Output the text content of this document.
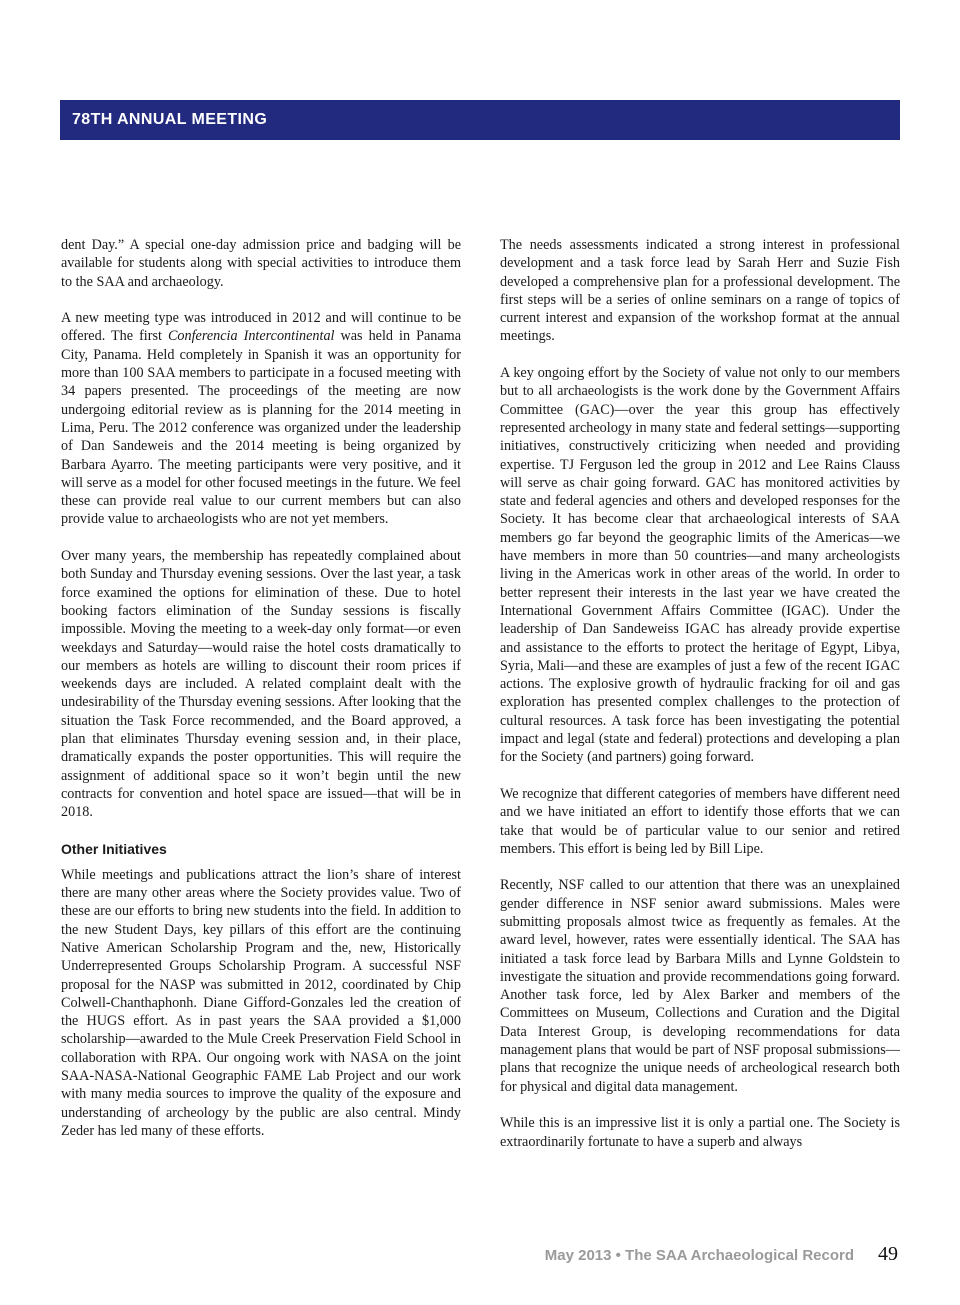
78TH ANNUAL MEETING

dent Day.” A special one-day admission price and badging will be available for students along with special activities to introduce them to the SAA and archaeology.

A new meeting type was introduced in 2012 and will continue to be offered. The first Conferencia Intercontinental was held in Panama City, Panama. Held completely in Spanish it was an opportunity for more than 100 SAA members to participate in a focused meeting with 34 papers presented. The proceedings of the meeting are now undergoing editorial review as is planning for the 2014 meeting in Lima, Peru. The 2012 conference was organized under the leadership of Dan Sandeweis and the 2014 meeting is being organized by Barbara Ayarro. The meeting participants were very positive, and it will serve as a model for other focused meetings in the future. We feel these can provide real value to our current members but can also provide value to archaeologists who are not yet members.

Over many years, the membership has repeatedly complained about both Sunday and Thursday evening sessions. Over the last year, a task force examined the options for elimination of these. Due to hotel booking factors elimination of the Sunday sessions is fiscally impossible. Moving the meeting to a week-day only format—or even weekdays and Saturday—would raise the hotel costs dramatically to our members as hotels are willing to discount their room prices if weekends days are included. A related complaint dealt with the undesirability of the Thursday evening sessions. After looking that the situation the Task Force recommended, and the Board approved, a plan that eliminates Thursday evening session and, in their place, dramatically expands the poster opportunities. This will require the assignment of additional space so it won’t begin until the new contracts for convention and hotel space are issued—that will be in 2018.

Other Initiatives

While meetings and publications attract the lion’s share of interest there are many other areas where the Society provides value. Two of these are our efforts to bring new students into the field. In addition to the new Student Days, key pillars of this effort are the continuing Native American Scholarship Program and the, new, Historically Underrepresented Groups Scholarship Program. A successful NSF proposal for the NASP was submitted in 2012, coordinated by Chip Colwell-Chanthaphonh. Diane Gifford-Gonzales led the creation of the HUGS effort. As in past years the SAA provided a $1,000 scholarship—awarded to the Mule Creek Preservation Field School in collaboration with RPA. Our ongoing work with NASA on the joint SAA-NASA-National Geographic FAME Lab Project and our work with many media sources to improve the quality of the exposure and understanding of archeology by the public are also central. Mindy Zeder has led many of these efforts.

The needs assessments indicated a strong interest in professional development and a task force lead by Sarah Herr and Suzie Fish developed a comprehensive plan for a professional development. The first steps will be a series of online seminars on a range of topics of current interest and expansion of the workshop format at the annual meetings.

A key ongoing effort by the Society of value not only to our members but to all archaeologists is the work done by the Government Affairs Committee (GAC)—over the year this group has effectively represented archeology in many state and federal settings—supporting initiatives, constructively criticizing when needed and providing expertise. TJ Ferguson led the group in 2012 and Lee Rains Clauss will serve as chair going forward. GAC has monitored activities by state and federal agencies and others and developed responses for the Society. It has become clear that archaeological interests of SAA members go far beyond the geographic limits of the Americas—we have members in more than 50 countries—and many archeologists living in the Americas work in other areas of the world. In order to better represent their interests in the last year we have created the International Government Affairs Committee (IGAC). Under the leadership of Dan Sandeweiss IGAC has already provide expertise and assistance to the efforts to protect the heritage of Egypt, Libya, Syria, Mali—and these are examples of just a few of the recent IGAC actions. The explosive growth of hydraulic fracking for oil and gas exploration has presented complex challenges to the protection of cultural resources. A task force has been investigating the potential impact and legal (state and federal) protections and developing a plan for the Society (and partners) going forward.

We recognize that different categories of members have different need and we have initiated an effort to identify those efforts that we can take that would be of particular value to our senior and retired members. This effort is being led by Bill Lipe.

Recently, NSF called to our attention that there was an unexplained gender difference in NSF senior award submissions. Males were submitting proposals almost twice as frequently as females. At the award level, however, rates were essentially identical. The SAA has initiated a task force lead by Barbara Mills and Lynne Goldstein to investigate the situation and provide recommendations going forward. Another task force, led by Alex Barker and members of the Committees on Museum, Collections and Curation and the Digital Data Interest Group, is developing recommendations for data management plans that would be part of NSF proposal submissions—plans that recognize the unique needs of archeological research both for physical and digital data management.

While this is an impressive list it is only a partial one. The Society is extraordinarily fortunate to have a superb and always

May 2013 • The SAA Archaeological Record 49
